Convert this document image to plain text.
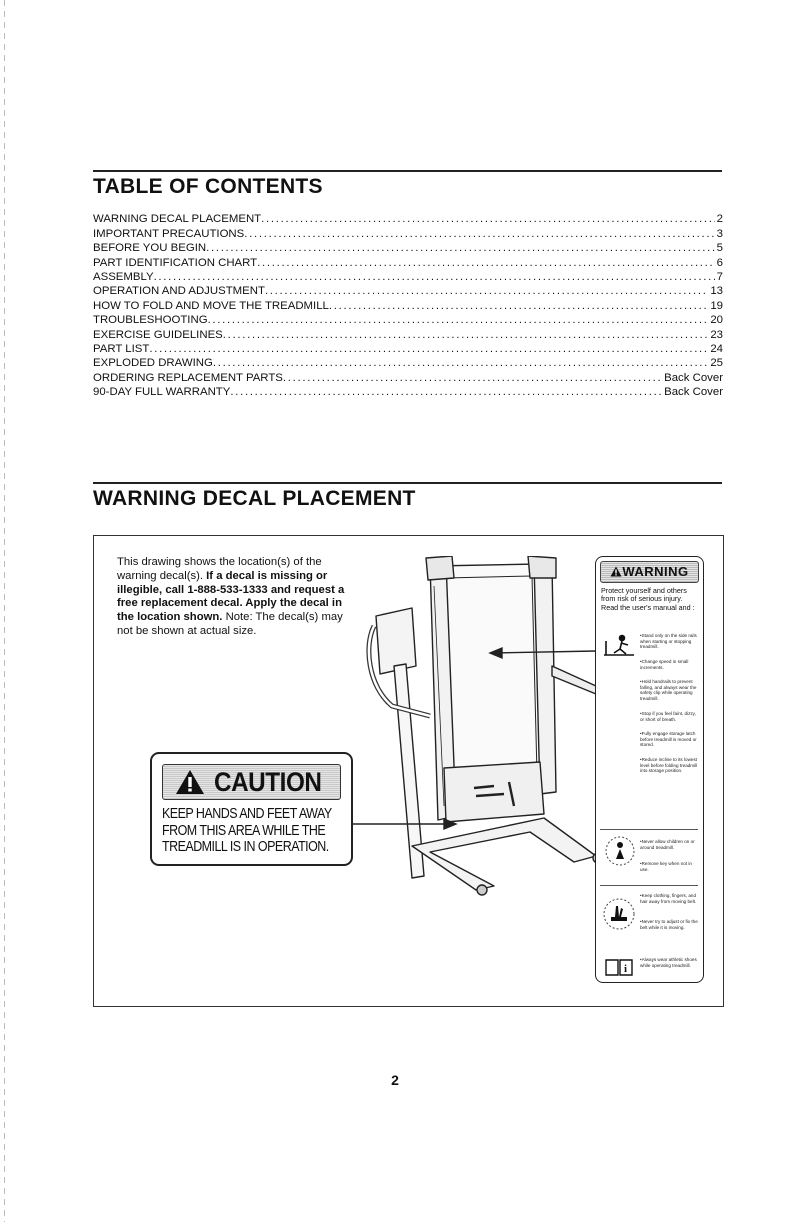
TABLE OF CONTENTS
WARNING DECAL PLACEMENT .....	2
IMPORTANT PRECAUTIONS .....	3
BEFORE YOU BEGIN .....	5
PART IDENTIFICATION CHART .....	6
ASSEMBLY .....	7
OPERATION AND ADJUSTMENT .....	13
HOW TO FOLD AND MOVE THE TREADMILL .....	19
TROUBLESHOOTING .....	20
EXERCISE GUIDELINES .....	23
PART LIST .....	24
EXPLODED DRAWING .....	25
ORDERING REPLACEMENT PARTS .....	Back Cover
90-DAY FULL WARRANTY .....	Back Cover
WARNING DECAL PLACEMENT
This drawing shows the location(s) of the warning decal(s). If a decal is missing or illegible, call 1-888-533-1333 and request a free replacement decal. Apply the decal in the location shown. Note: The decal(s) may not be shown at actual size.
CAUTION
KEEP HANDS AND FEET AWAY
FROM THIS AREA WHILE THE
TREADMILL IS IN OPERATION.
WARNING
Protect yourself and others from risk of serious injury. Read the user's manual and :
i
•Stand only on the side rails when starting or stopping treadmill.
•Change speed in small increments.
•Hold handrails to prevent falling, and always wear the safety clip while operating treadmill.
•Stop if you feel faint, dizzy, or short of breath.
•Fully engage storage latch before treadmill is moved or stored.
•Reduce incline to its lowest level before folding treadmill into storage position.
•Never allow children on or around treadmill.
•Remove key when not in use.
•Keep clothing, fingers, and hair away from moving belt.
•Never try to adjust or fix the belt while it is moving.
•Always wear athletic shoes while operating treadmill.
2
